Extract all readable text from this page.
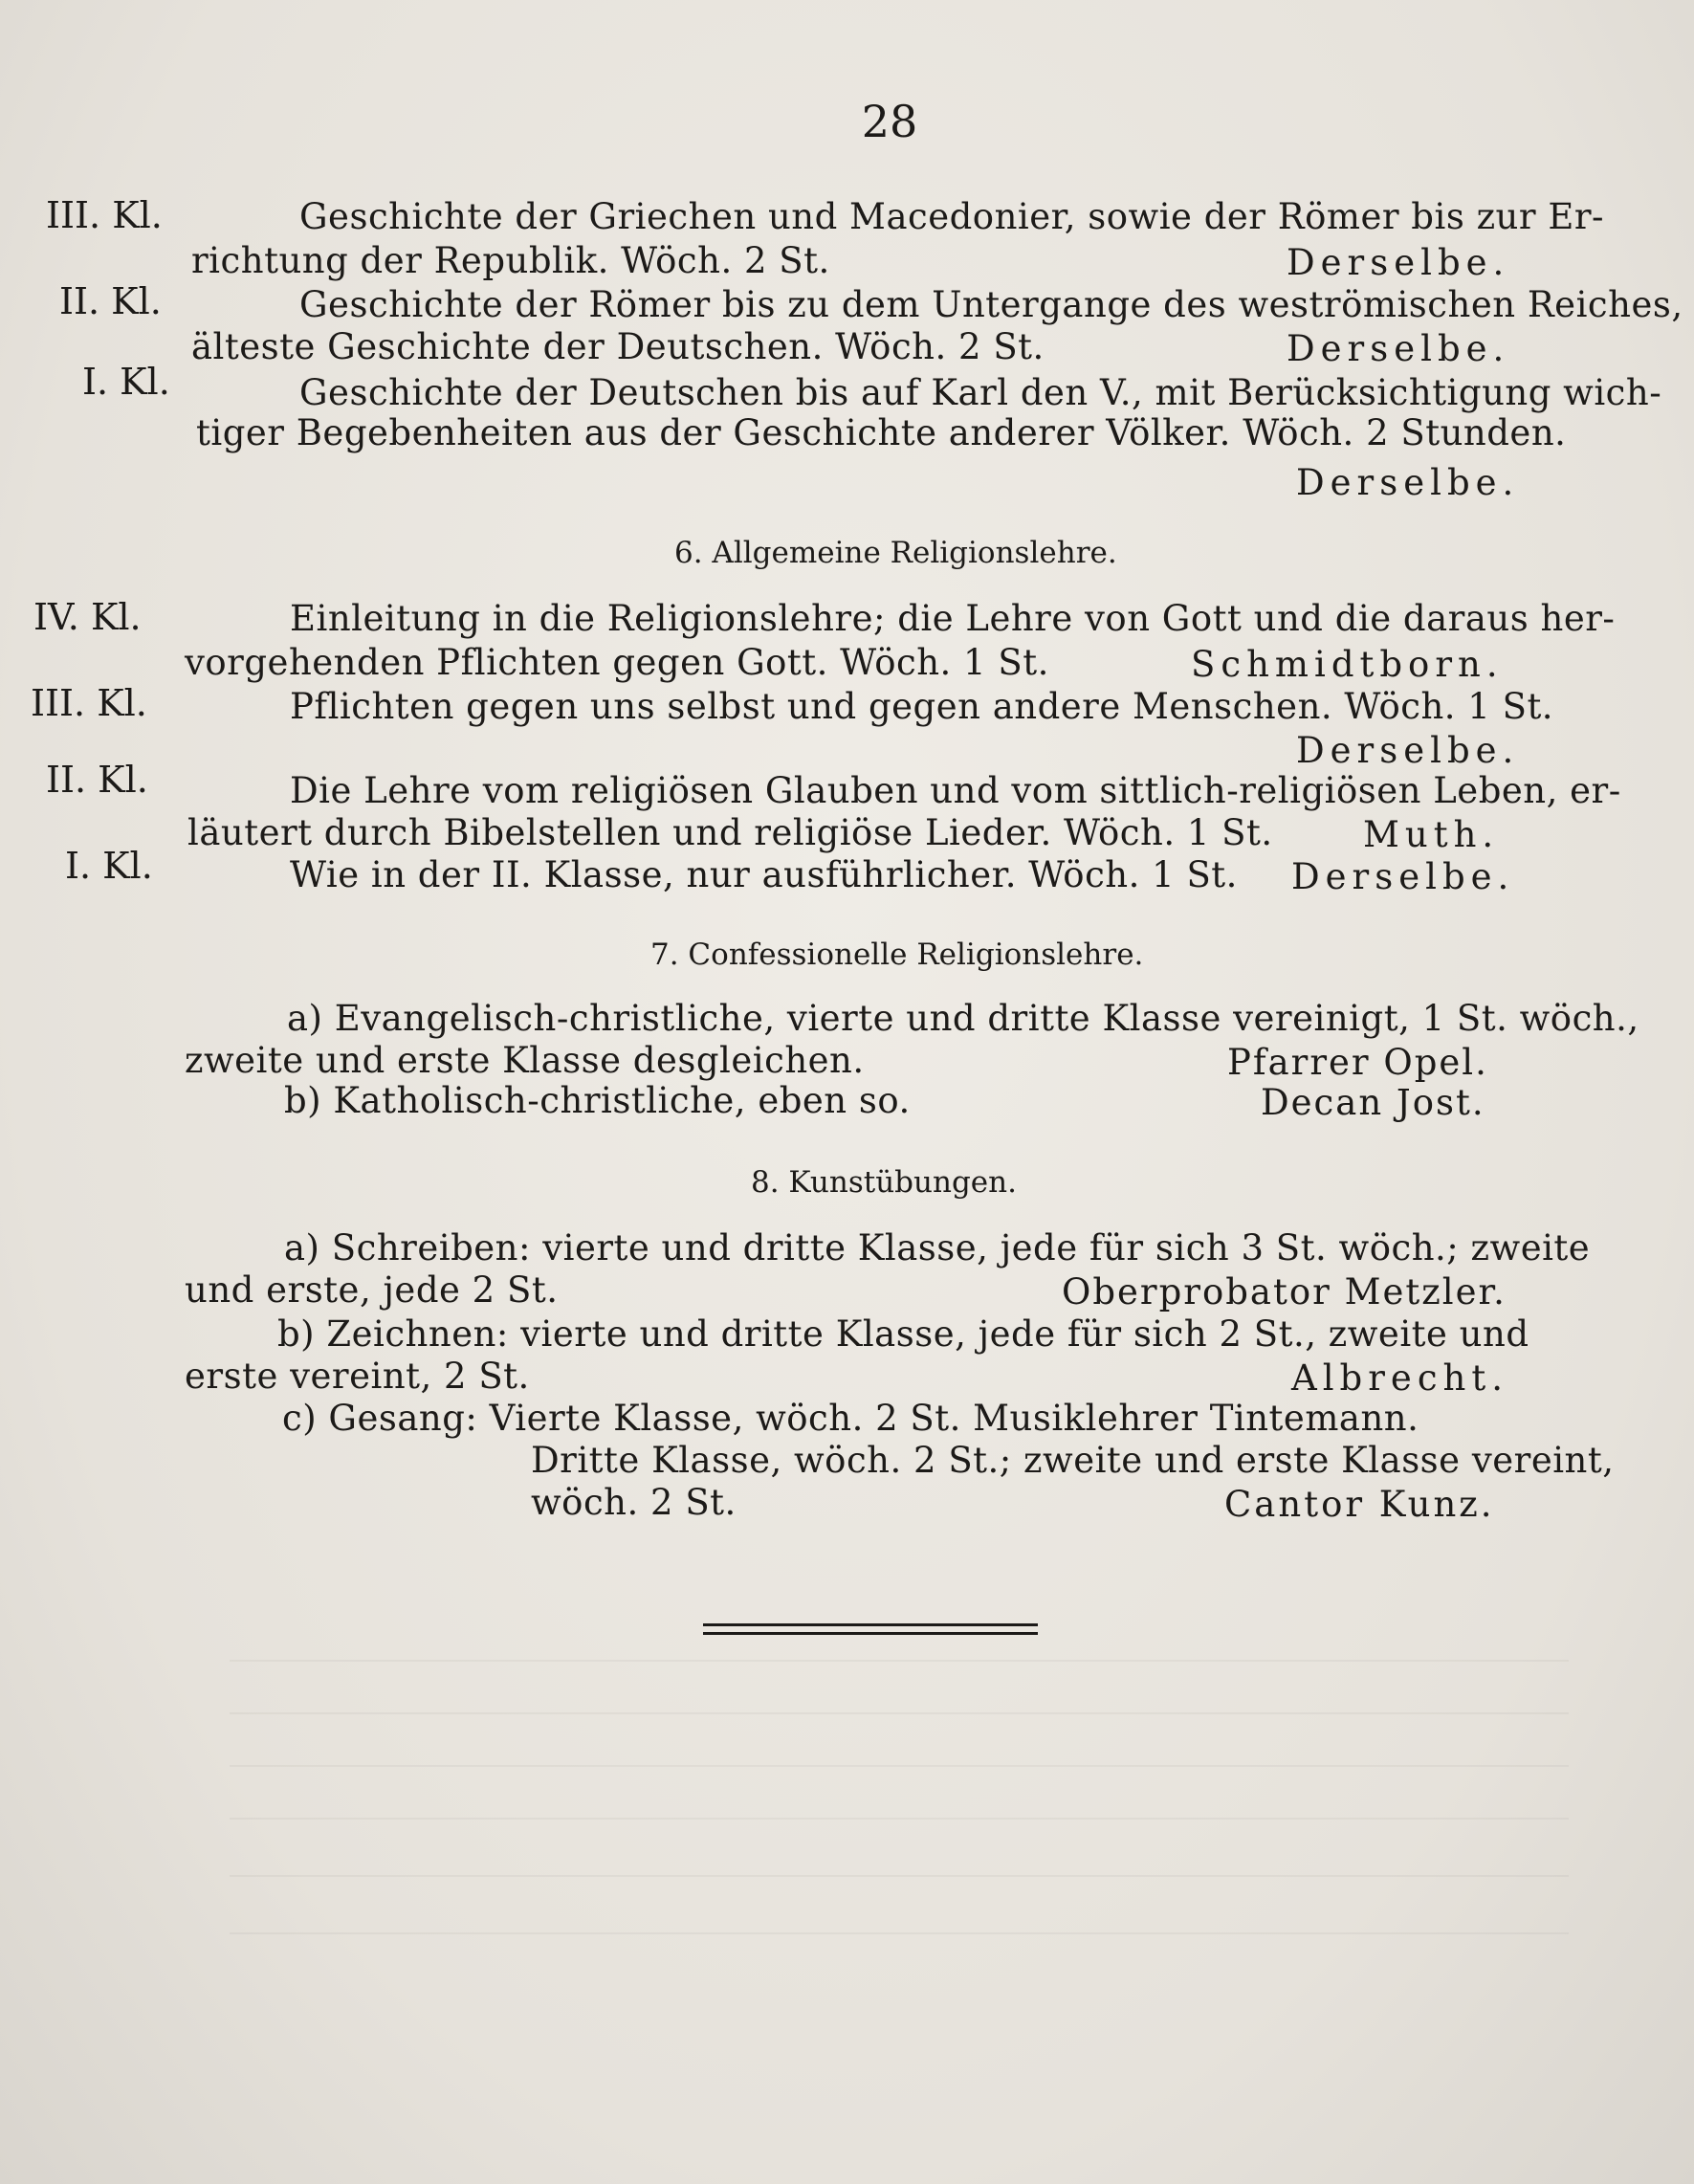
28
III. Kl.	Geschichte der Griechen und Macedonier, sowie der Römer bis zur Er-
richtung der Republik. Wöch. 2 St.	Derselbe.
II. Kl.	Geschichte der Römer bis zu dem Untergange des weströmischen Reiches,
älteste Geschichte der Deutschen. Wöch. 2 St.	Derselbe.
I. Kl.	Geschichte der Deutschen bis auf Karl den V., mit Berücksichtigung wich-
tiger Begebenheiten aus der Geschichte anderer Völker. Wöch. 2 Stunden.
Derselbe.
6. Allgemeine Religionslehre.
IV. Kl.	Einleitung in die Religionslehre; die Lehre von Gott und die daraus her-
vorgehenden Pflichten gegen Gott. Wöch. 1 St.	Schmidtborn.
III. Kl.	Pflichten gegen uns selbst und gegen andere Menschen. Wöch. 1 St.
Derselbe.
II. Kl.	Die Lehre vom religiösen Glauben und vom sittlich-religiösen Leben, er-
läutert durch Bibelstellen und religiöse Lieder. Wöch. 1 St.	Muth.
I. Kl.	Wie in der II. Klasse, nur ausführlicher. Wöch. 1 St. Derselbe.
7. Confessionelle Religionslehre.
a) Evangelisch-christliche, vierte und dritte Klasse vereinigt, 1 St. wöch.,
zweite und erste Klasse desgleichen.	Pfarrer Opel.
b) Katholisch-christliche, eben so.	Decan Jost.
8. Kunstübungen.
a) Schreiben: vierte und dritte Klasse, jede für sich 3 St. wöch.; zweite
und erste, jede 2 St.	Oberprobator Metzler.
b) Zeichnen: vierte und dritte Klasse, jede für sich 2 St., zweite und
erste vereint, 2 St.	Albrecht.
c) Gesang: Vierte Klasse, wöch. 2 St. Musiklehrer Tintemann.
Dritte Klasse, wöch. 2 St.; zweite und erste Klasse vereint,
wöch. 2 St.	Cantor Kunz.
